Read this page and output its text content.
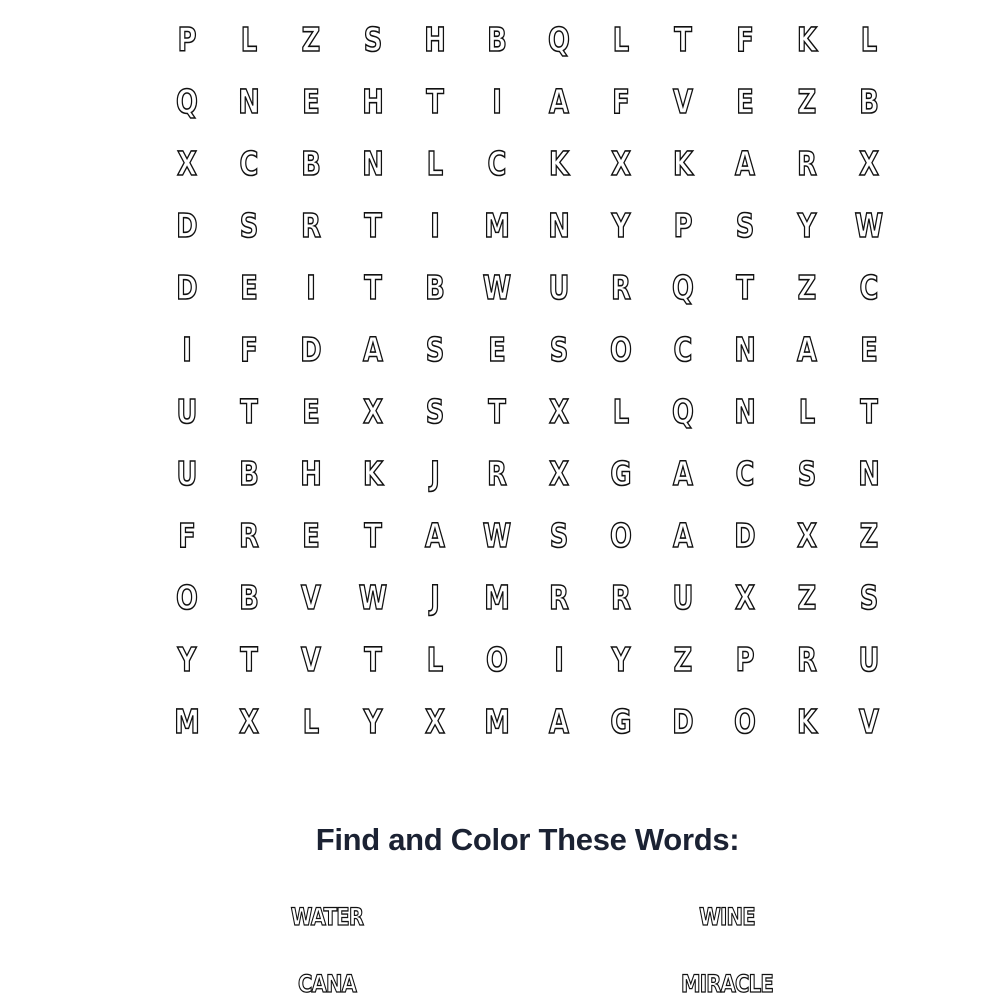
P	L	Z	S	H	B	Q	L	T	F	K	L
Q	N	E	H	T	I	A	F	V	E	Z	B
X	C	B	N	L	C	K	X	K	A	R	X
D	S	R	T	I	M	N	Y	P	S	Y	W
D	E	I	T	B	W	U	R	Q	T	Z	C
I	F	D	A	S	E	S	O	C	N	A	E
U	T	E	X	S	T	X	L	Q	N	L	T
U	B	H	K	J	R	X	G	A	C	S	N
F	R	E	T	A	W	S	O	A	D	X	Z
O	B	V	W	J	M	R	R	U	X	Z	S
Y	T	V	T	L	O	I	Y	Z	P	R	U
M	X	L	Y	X	M	A	G	D	O	K	V
Find and Color These Words:
WATER	WINE
CANA	MIRACLE
